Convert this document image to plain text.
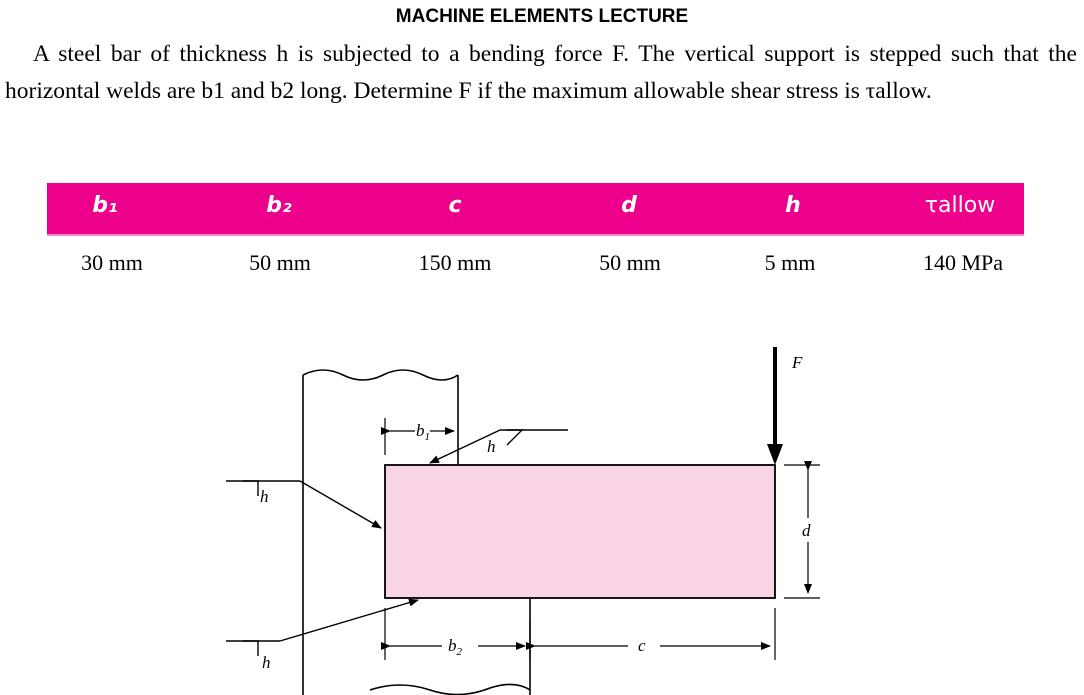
MACHINE ELEMENTS LECTURE
A steel bar of thickness h is subjected to a bending force F. The vertical support is stepped such that the horizontal welds are b1 and b2 long. Determine F if the maximum allowable shear stress is τallow.
b₁	b₂	c	d	h	τallow
30 mm	50 mm	150 mm	50 mm	5 mm	140 MPa
F
d
$b_1$	h
h
h
$b_2$	c
